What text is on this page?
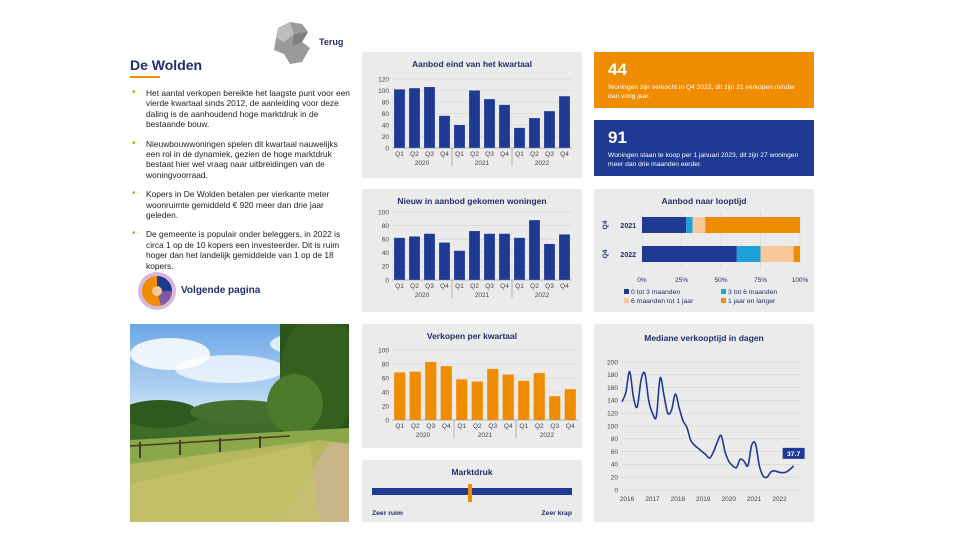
De Wolden
Terug
• Het aantal verkopen bereikte het laagste punt voor een vierde kwartaal sinds 2012, de aanleiding voor deze daling is de aanhoudend hoge marktdruk in de bestaande bouw.
• Nieuwbouwwoningen spelen dit kwartaal nauwelijks een rol in de dynamiek, gezien de hoge marktdruk bestaat hier wel vraag naar uitbreidingen van de woningvoorraad.
• Kopers in De Wolden betalen per vierkante meter woonruimte gemiddeld € 920 meer dan drie jaar geleden.
• De gemeente is populair onder beleggers, in 2022 is circa 1 op de 10 kopers een investeerder. Dit is ruim hoger dan het landelijk gemiddelde van 1 op de 18 kopers.
Volgende pagina
Aanbod eind van het kwartaal
0
20
40
60
80
100
120
Q1 Q2 Q3 Q4 Q1 Q2 Q3 Q4 Q1 Q2 Q3 Q4
2020	2021	2022
Nieuw in aanbod gekomen woningen
0
20
40
60
80
100
Q1 Q2 Q3 Q4 Q1 Q2 Q3 Q4 Q1 Q2 Q3 Q4
2020	2021	2022
Verkopen per kwartaal
0
20
40
60
80
100
Q1 Q2 Q3 Q4 Q1 Q2 Q3 Q4 Q1 Q2 Q3 Q4
2020	2021	2022
Marktdruk
Zeer ruim	Zeer krap
44
Woningen zijn verkocht in Q4 2022, dit zijn 21 verkopen minder dan vorig jaar.
91
Woningen staan te koop per 1 januari 2023, dit zijn 27 woningen meer dan drie maanden eerder.
Aanbod naar looptijd
0%	25%	50%	75%	100%
2021
Q4
2022
Q4
0 tot 3 maanden	3 tot 6 maanden
6 maanden tot 1 jaar	1 jaar en langer
Mediane verkooptijd in dagen
0
20
40
60
80
100
120
140
160
180
200
2016 2017 2018 2019 2020 2021 2022
37.7
